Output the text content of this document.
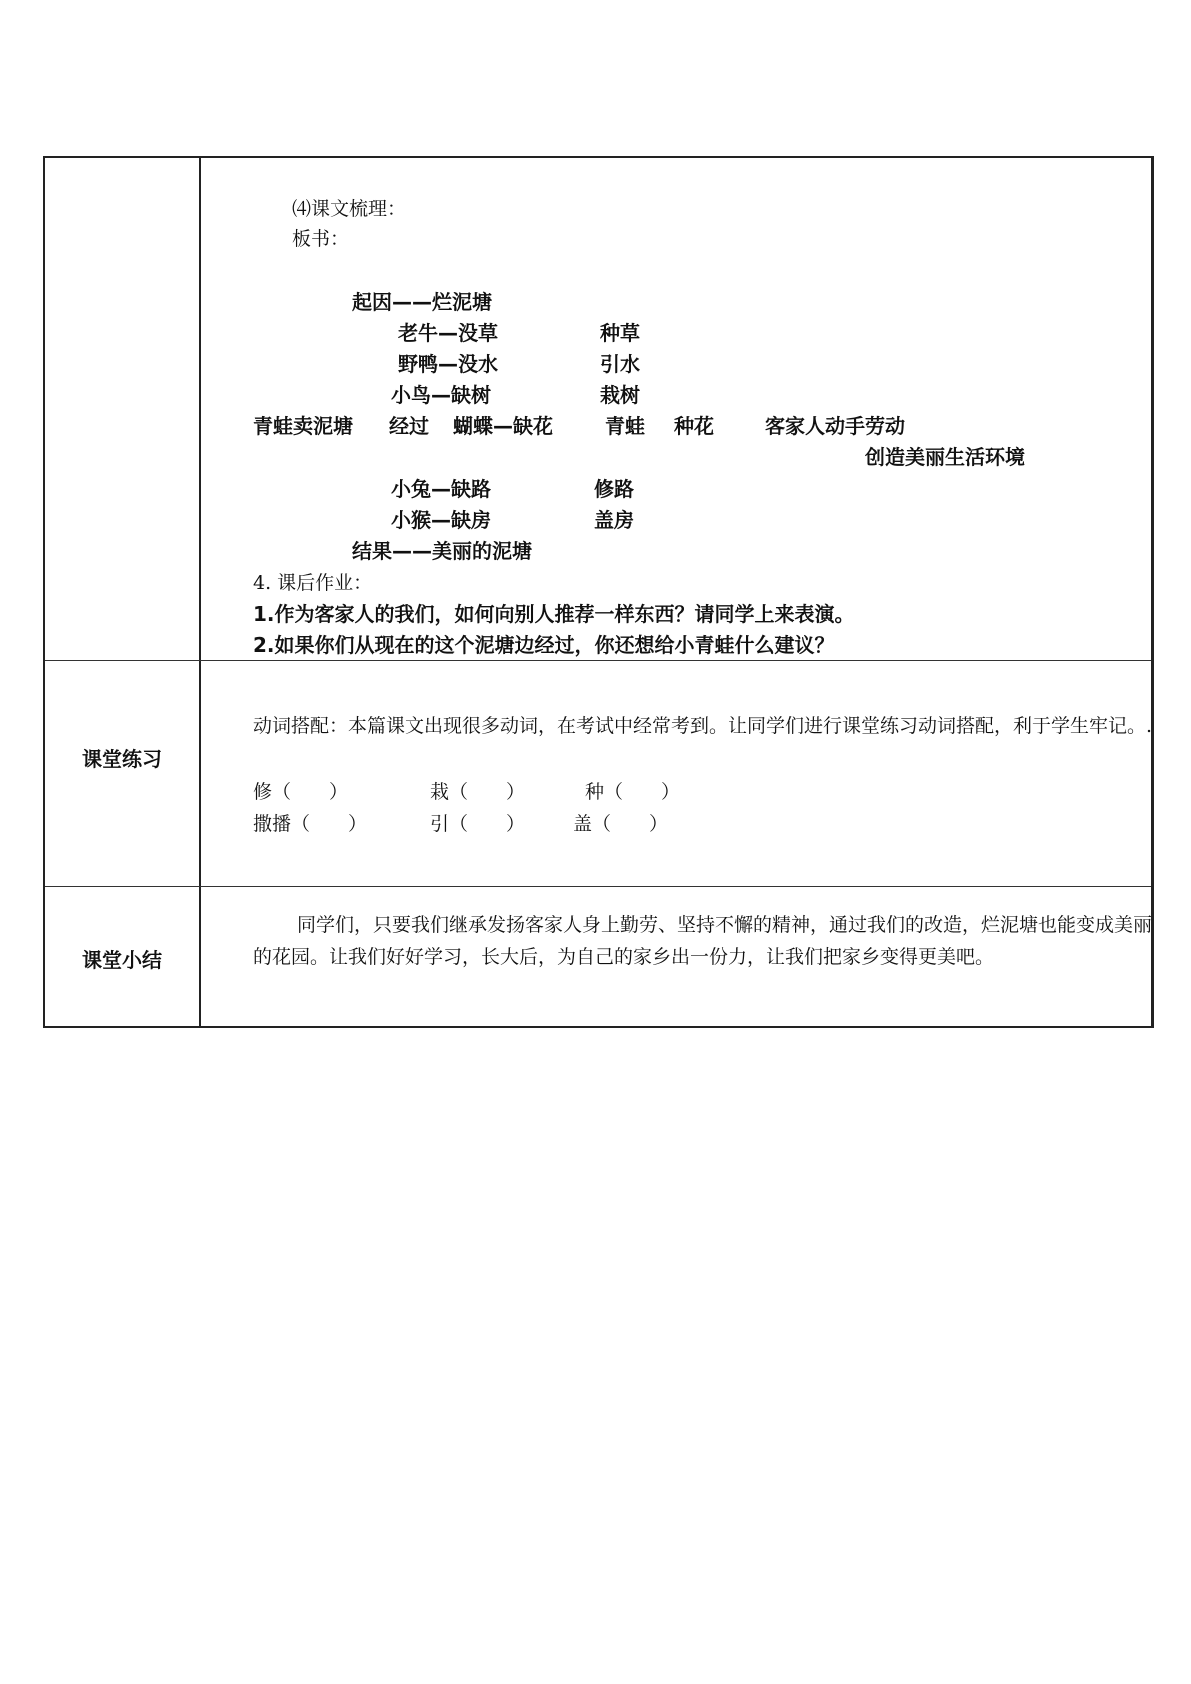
⑷课文梳理：
板书：
起因——烂泥塘
老牛—没草	种草
野鸭—没水	引水
小鸟—缺树	栽树
青蛙卖泥塘 经过 蝴蝶—缺花	青蛙 种花	客家人动手劳动
创造美丽生活环境
小兔—缺路	修路
小猴—缺房	盖房
结果——美丽的泥塘
4. 课后作业：
1.作为客家人的我们，如何向别人推荐一样东西？请同学上来表演。
2.如果你们从现在的这个泥塘边经过，你还想给小青蛙什么建议？
课堂练习
动词搭配：本篇课文出现很多动词，在考试中经常考到。让同学们进行课堂练习动词搭配，利于学生牢记。.
修（　　）	栽（　　）	种（　　）
撒播（　　）	引（　　）	盖（　　）
课堂小结
同学们，只要我们继承发扬客家人身上勤劳、坚持不懈的精神，通过我们的改造，烂泥塘也能变成美丽的花园。让我们好好学习，长大后，为自己的家乡出一份力，让我们把家乡变得更美吧。
